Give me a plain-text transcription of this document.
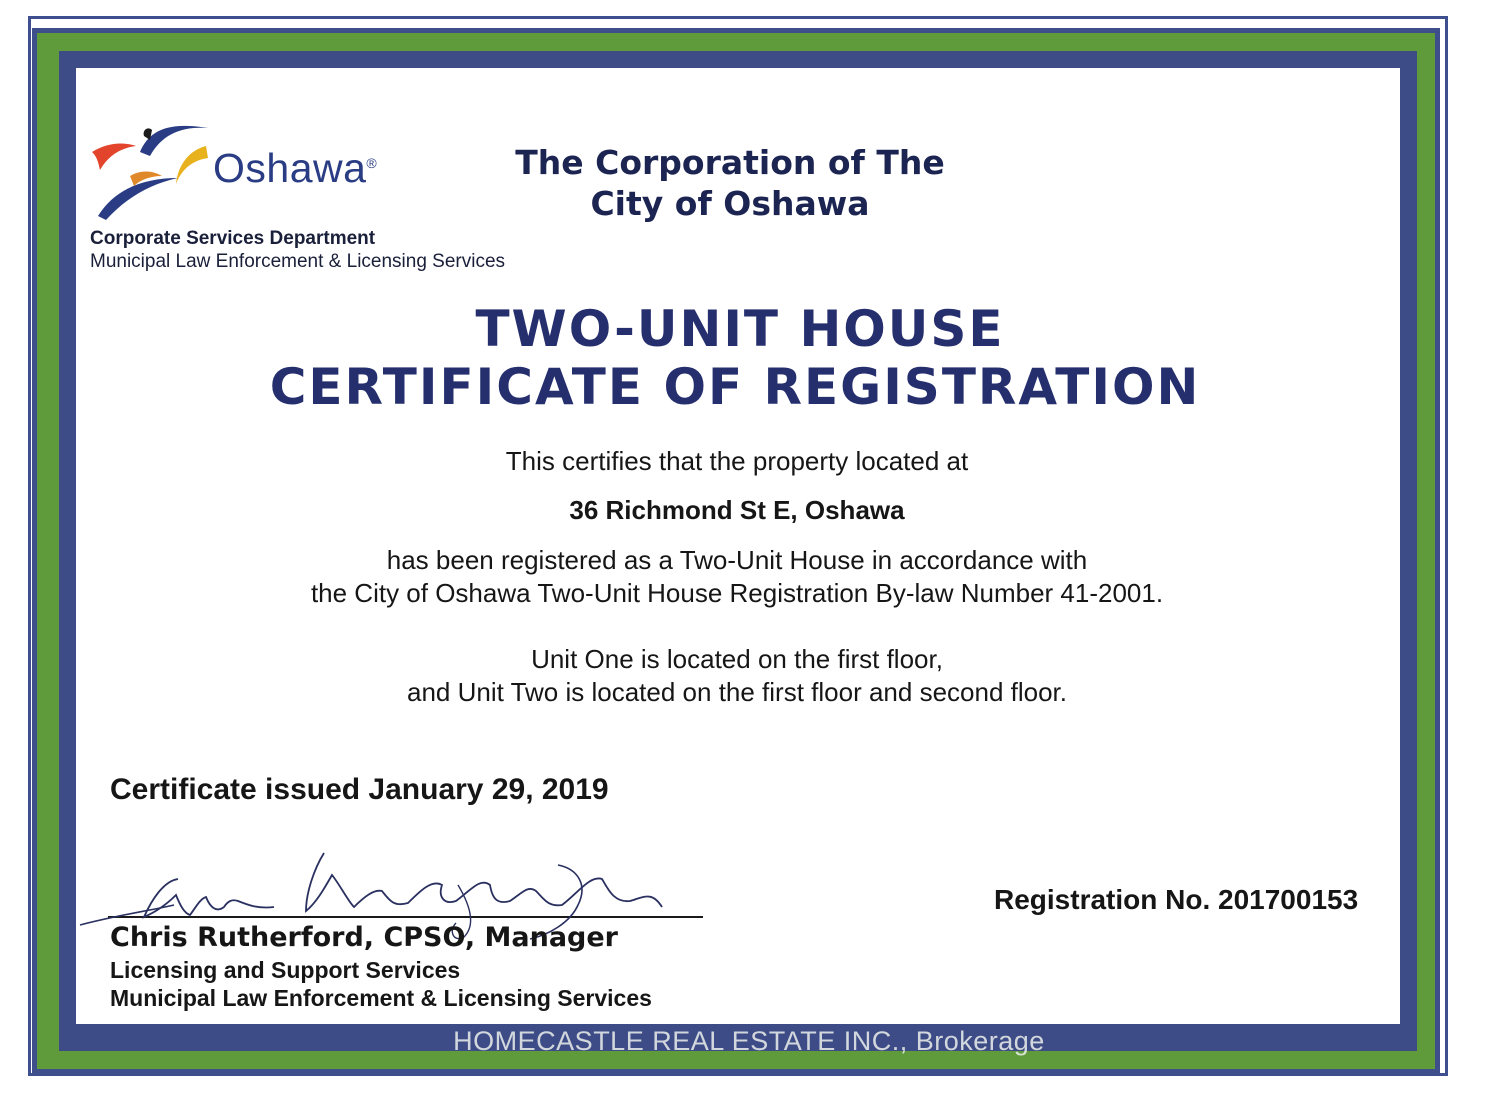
Oshawa®
Corporate Services Department
Municipal Law Enforcement & Licensing Services
The Corporation of The
City of Oshawa
TWO-UNIT HOUSE
CERTIFICATE OF REGISTRATION
This certifies that the property located at
36 Richmond St E, Oshawa
has been registered as a Two-Unit House in accordance with
the City of Oshawa Two-Unit House Registration By-law Number 41-2001.
Unit One is located on the first floor,
and Unit Two is located on the first floor and second floor.
Certificate issued January 29, 2019
Registration No. 201700153
Chris Rutherford, CPSO, Manager
Licensing and Support Services
Municipal Law Enforcement & Licensing Services
HOMECASTLE REAL ESTATE INC., Brokerage
